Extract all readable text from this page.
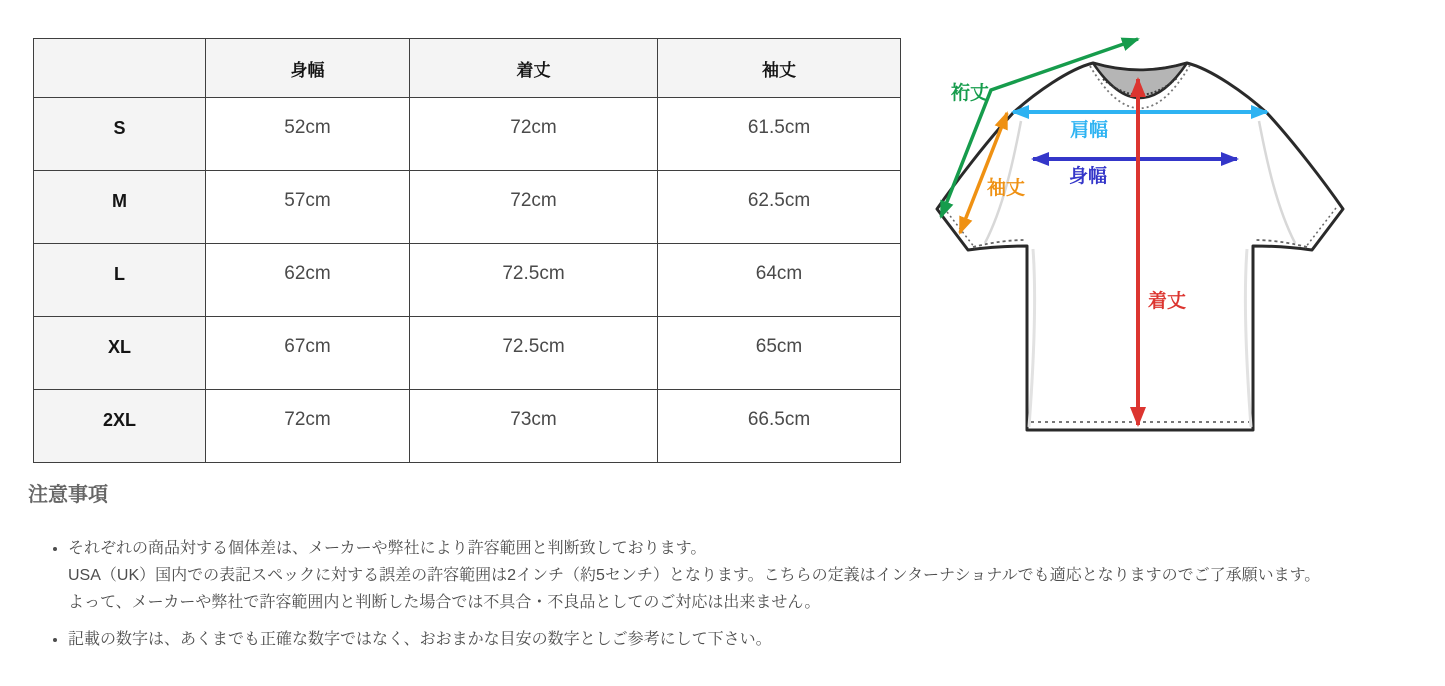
	身幅	着丈	袖丈
S	52cm	72cm	61.5cm
M	57cm	72cm	62.5cm
L	62cm	72.5cm	64cm
XL	67cm	72.5cm	65cm
2XL	72cm	73cm	66.5cm
裄丈
肩幅
身幅
袖丈
着丈
注意事項
• それぞれの商品対する個体差は、メーカーや弊社により許容範囲と判断致しております。
USA（UK）国内での表記スペックに対する誤差の許容範囲は2インチ（約5センチ）となります。こちらの定義はインターナショナルでも適応となりますのでご了承願います。
よって、メーカーや弊社で許容範囲内と判断した場合では不具合・不良品としてのご対応は出来ません。
• 記載の数字は、あくまでも正確な数字ではなく、おおまかな目安の数字としご参考にして下さい。
